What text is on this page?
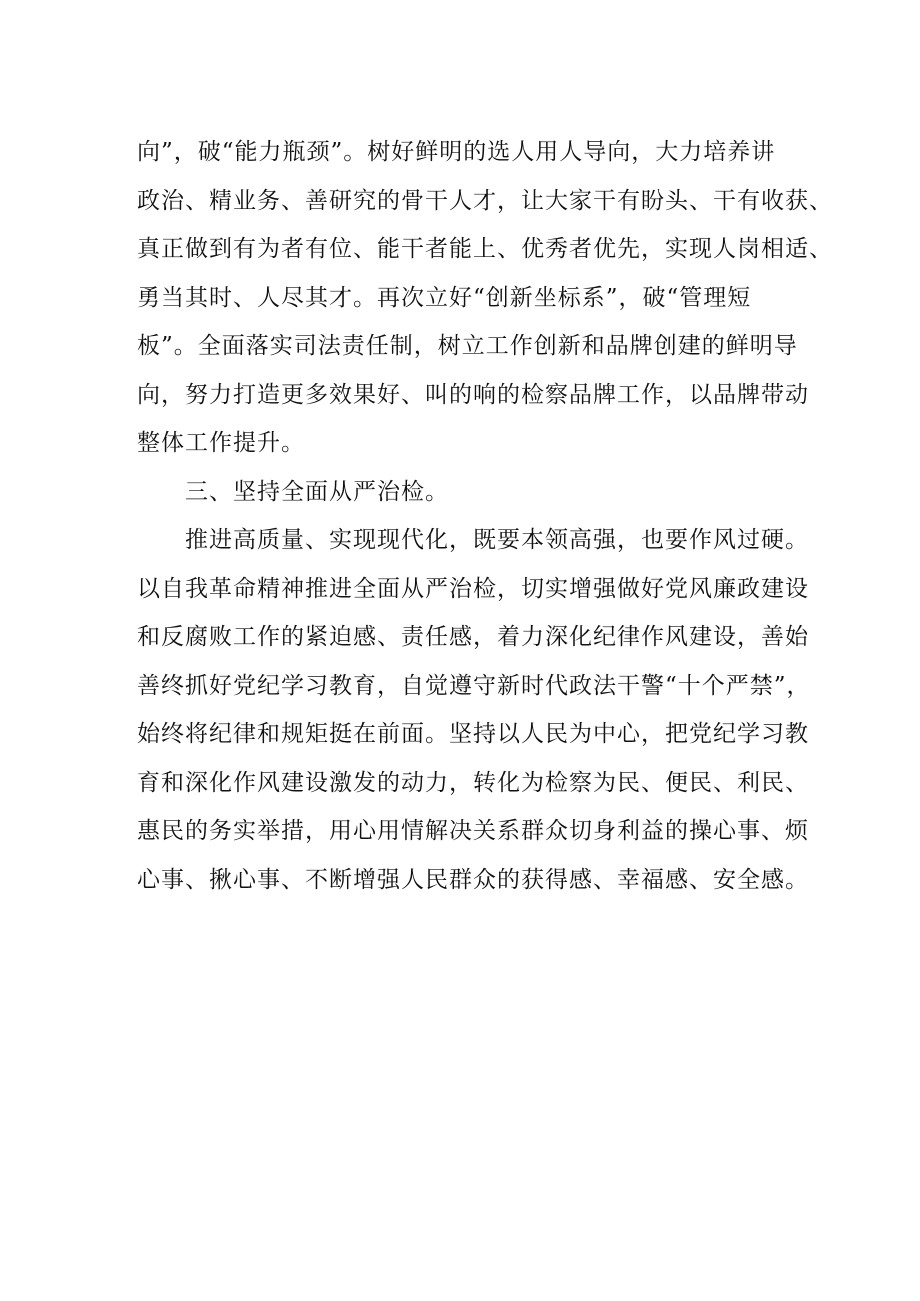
向”，破“能力瓶颈”。树好鲜明的选人用人导向，大力培养讲
政治、精业务、善研究的骨干人才，让大家干有盼头、干有收获、
真正做到有为者有位、能干者能上、优秀者优先，实现人岗相适、
勇当其时、人尽其才。再次立好“创新坐标系”，破“管理短
板”。全面落实司法责任制，树立工作创新和品牌创建的鲜明导
向，努力打造更多效果好、叫的响的检察品牌工作，以品牌带动
整体工作提升。
三、坚持全面从严治检。
推进高质量、实现现代化，既要本领高强，也要作风过硬。
以自我革命精神推进全面从严治检，切实增强做好党风廉政建设
和反腐败工作的紧迫感、责任感，着力深化纪律作风建设，善始
善终抓好党纪学习教育，自觉遵守新时代政法干警“十个严禁”，
始终将纪律和规矩挺在前面。坚持以人民为中心，把党纪学习教
育和深化作风建设激发的动力，转化为检察为民、便民、利民、
惠民的务实举措，用心用情解决关系群众切身利益的操心事、烦
心事、揪心事、不断增强人民群众的获得感、幸福感、安全感。
